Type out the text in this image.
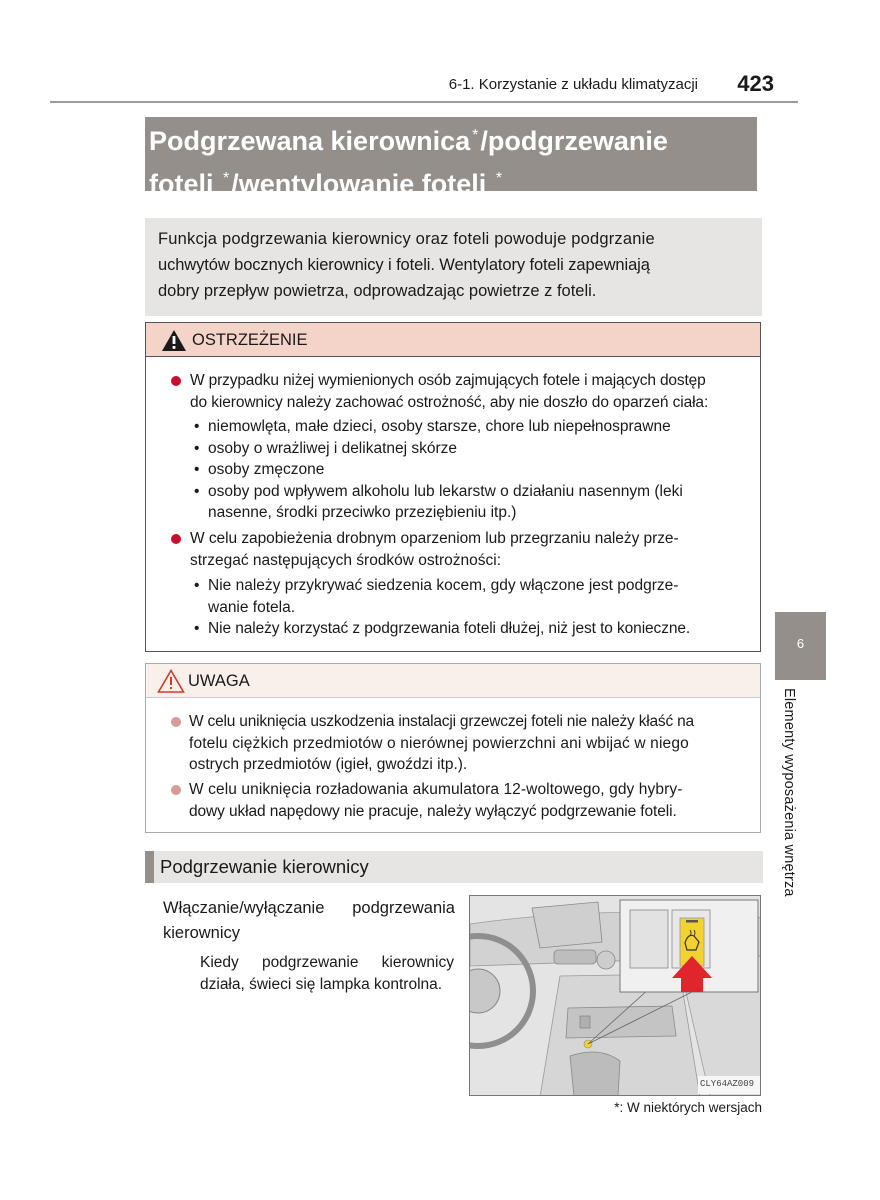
6-1. Korzystanie z układu klimatyzacji	423
Podgrzewana kierownica */podgrzewanie
foteli */wentylowanie foteli *
Funkcja podgrzewania kierownicy oraz foteli powoduje podgrzanie
uchwytów bocznych kierownicy i foteli. Wentylatory foteli zapewniają
dobry przepływ powietrza, odprowadzając powietrze z foteli.
OSTRZEŻENIE
W przypadku niżej wymienionych osób zajmujących fotele i mających dostęp
do kierownicy należy zachować ostrożność, aby nie doszło do oparzeń ciała:
•  niemowlęta, małe dzieci, osoby starsze, chore lub niepełnosprawne
•  osoby o wrażliwej i delikatnej skórze
•  osoby zmęczone
•  osoby pod wpływem alkoholu lub lekarstw o działaniu nasennym (leki
nasenne, środki przeciwko przeziębieniu itp.)
W celu zapobieżenia drobnym oparzeniom lub przegrzaniu należy prze-
strzegać następujących środków ostrożności:
•  Nie należy przykrywać siedzenia kocem, gdy włączone jest podgrze-
wanie fotela.
•  Nie należy korzystać z podgrzewania foteli dłużej, niż jest to konieczne.
UWAGA
W celu uniknięcia uszkodzenia instalacji grzewczej foteli nie należy kłaść na
fotelu ciężkich przedmiotów o nierównej powierzchni ani wbijać w niego
ostrych przedmiotów (igieł, gwoździ itp.).
W celu uniknięcia rozładowania akumulatora 12-woltowego, gdy hybry-
dowy układ napędowy nie pracuje, należy wyłączyć podgrzewanie foteli.
Podgrzewanie kierownicy
Włączanie/wyłączanie podgrzewania kierownicy
Kiedy podgrzewanie kierownicy działa, świeci się lampka kontrolna.
CLY64AZ009
*: W niektórych wersjach
6
Elementy wyposażenia wnętrza
